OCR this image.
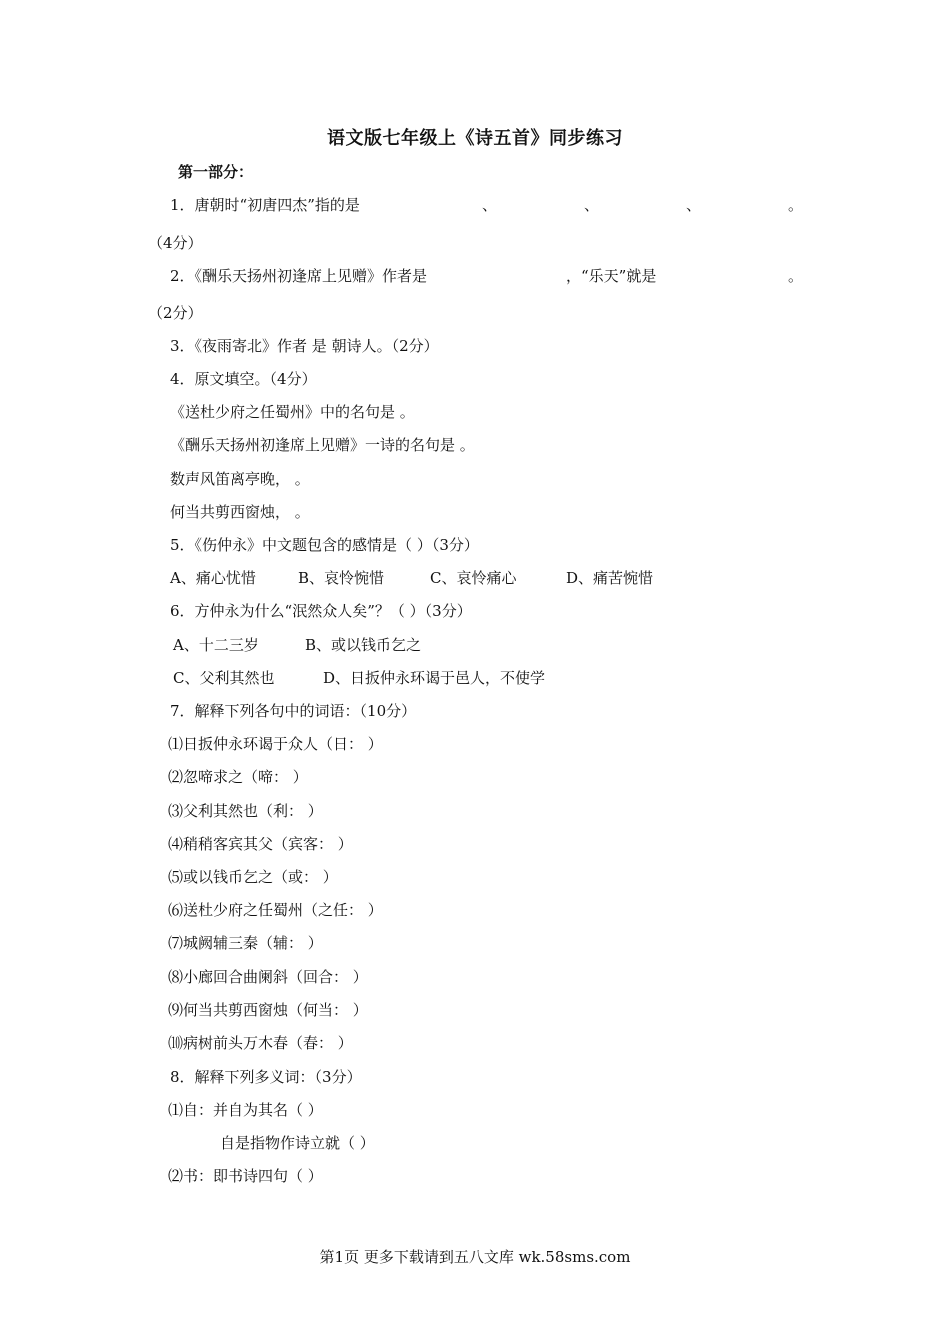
语文版七年级上《诗五首》同步练习
第一部分：
1．唐朝时“初唐四杰”指的是	、	、	、	。
（4分）
2．《酬乐天扬州初逢席上见赠》作者是	，“乐天”就是	。
（2分）
3．《夜雨寄北》作者 是 朝诗人。（2分）
4．原文填空。（4分）
《送杜少府之任蜀州》中的名句是 。
《酬乐天扬州初逢席上见赠》一诗的名句是 。
数声风笛离亭晚， 。
何当共剪西窗烛， 。
5．《伤仲永》中文题包含的感情是（ ）（3分）
A、痛心忧惜	B、哀怜惋惜	C、哀怜痛心	D、痛苦惋惜
6．方仲永为什么“泯然众人矣”？（ ）（3分）
A、十二三岁	B、或以钱币乞之
C、父利其然也	D、日扳仲永环谒于邑人，不使学
7．解释下列各句中的词语：（10分）
⑴日扳仲永环谒于众人（日： ）
⑵忽啼求之（啼： ）
⑶父利其然也（利： ）
⑷稍稍客宾其父（宾客： ）
⑸或以钱币乞之（或： ）
⑹送杜少府之任蜀州（之任： ）
⑺城阙辅三秦（辅： ）
⑻小廊回合曲阑斜（回合： ）
⑼何当共剪西窗烛（何当： ）
⑽病树前头万木春（春： ）
8．解释下列多义词：（3分）
⑴自：并自为其名（ ）
自是指物作诗立就（ ）
⑵书：即书诗四句（ ）
第1页 更多下载请到五八文库 wk.58sms.com
